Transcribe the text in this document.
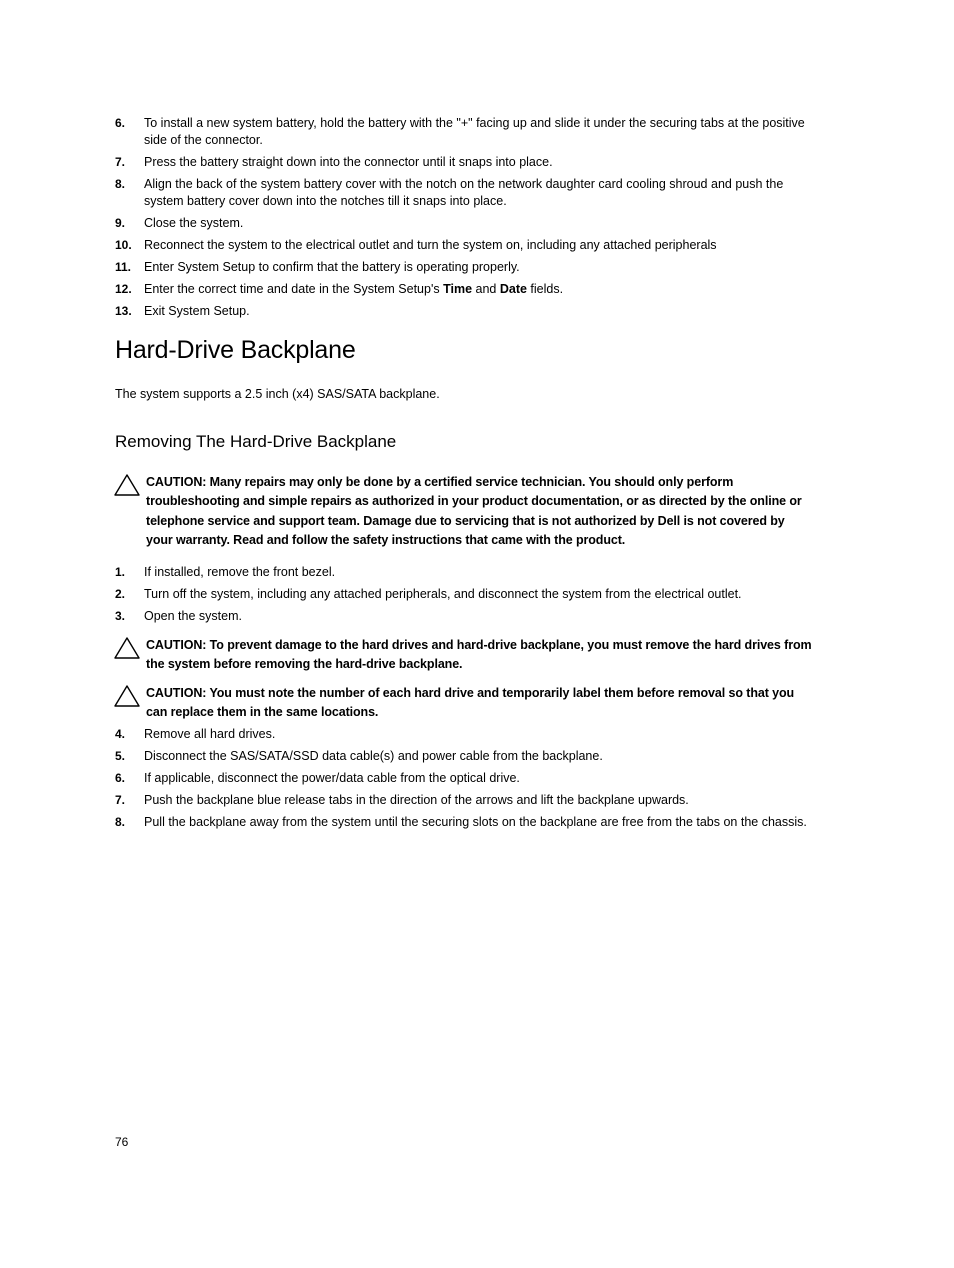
6. To install a new system battery, hold the battery with the "+" facing up and slide it under the securing tabs at the positive side of the connector.
7. Press the battery straight down into the connector until it snaps into place.
8. Align the back of the system battery cover with the notch on the network daughter card cooling shroud and push the system battery cover down into the notches till it snaps into place.
9. Close the system.
10. Reconnect the system to the electrical outlet and turn the system on, including any attached peripherals
11. Enter System Setup to confirm that the battery is operating properly.
12. Enter the correct time and date in the System Setup's Time and Date fields.
13. Exit System Setup.
Hard-Drive Backplane

The system supports a 2.5 inch (x4) SAS/SATA backplane.

Removing The Hard-Drive Backplane
CAUTION: Many repairs may only be done by a certified service technician. You should only perform troubleshooting and simple repairs as authorized in your product documentation, or as directed by the online or telephone service and support team. Damage due to servicing that is not authorized by Dell is not covered by your warranty. Read and follow the safety instructions that came with the product.
1. If installed, remove the front bezel.
2. Turn off the system, including any attached peripherals, and disconnect the system from the electrical outlet.
3. Open the system.
CAUTION: To prevent damage to the hard drives and hard-drive backplane, you must remove the hard drives from the system before removing the hard-drive backplane.
CAUTION: You must note the number of each hard drive and temporarily label them before removal so that you can replace them in the same locations.
4. Remove all hard drives.
5. Disconnect the SAS/SATA/SSD data cable(s) and power cable from the backplane.
6. If applicable, disconnect the power/data cable from the optical drive.
7. Push the backplane blue release tabs in the direction of the arrows and lift the backplane upwards.
8. Pull the backplane away from the system until the securing slots on the backplane are free from the tabs on the chassis.

76
